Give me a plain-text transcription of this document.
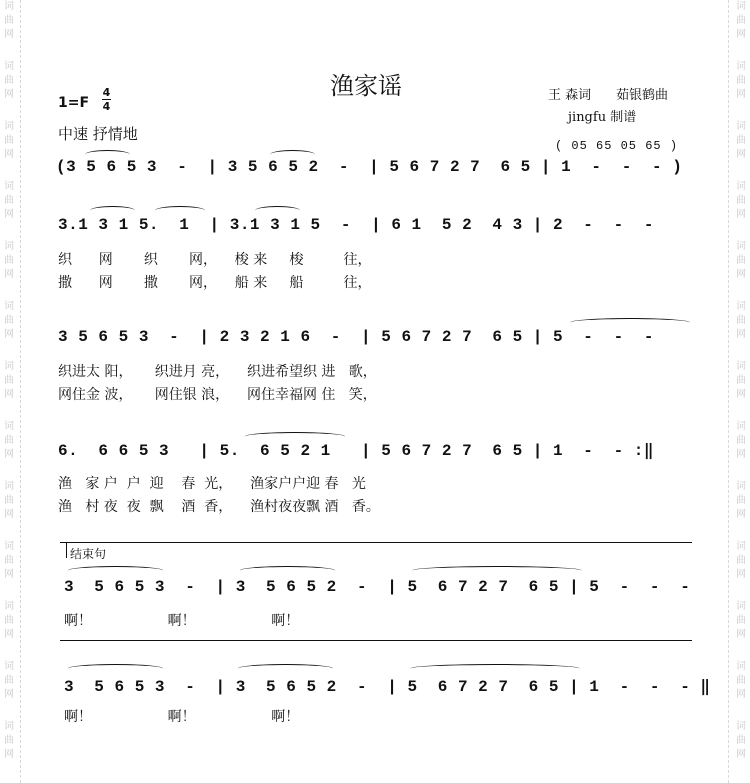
词
曲
网
词
曲
网
词
曲
网
词
曲
网
词
曲
网
词
曲
网
词
曲
网
词
曲
网
词
曲
网
词
曲
网
词
曲
网
词
曲
网
词
曲
网
词
曲
网
词
曲
网
词
曲
网
词
曲
网
词
曲
网
词
曲
网
词
曲
网
词
曲
网
词
曲
网
词
曲
网
词
曲
网
词
曲
网
词
曲
网
渔家谣	王 森词 茹银鹤曲
jingfu 制谱
1=F
4
4
中速 抒情地
( 05 65 05 65 )
(3 5 6 5 3  -  | 3 5 6 5 2  -  | 5 6 7 2 7  6 5 | 1  -  -  - )
3.1 3 1 5.  1  | 3.1 3 1 5  -  | 6 1  5 2  4 3 | 2  -  -  -
织      网       织       网，    梭 来     梭         往，
撒      网       撒       网，    船 来     船         往，
3 5 6 5 3  -  | 2 3 2 1 6  -  | 5 6 7 2 7  6 5 | 5  -  -  -
织进太 阳，     织进月 亮，    织进希望织 进   歌，
网住金 波，     网住银 浪，    网住幸福网 住   笑，
6.  6 6 5 3   | 5.  6 5 2 1   | 5 6 7 2 7  6 5 | 1  -  - :‖
渔   家 户  户  迎    春  光，    渔家户户迎 春   光
渔   村 夜  夜  飘    酒  香，    渔村夜夜飘 酒   香。
结束句
3  5 6 5 3  -  | 3  5 6 5 2  -  | 5  6 7 2 7  6 5 | 5  -  -  -
啊！                 啊！                 啊！
3  5 6 5 3  -  | 3  5 6 5 2  -  | 5  6 7 2 7  6 5 | 1  -  -  - ‖
啊！                 啊！                 啊！
